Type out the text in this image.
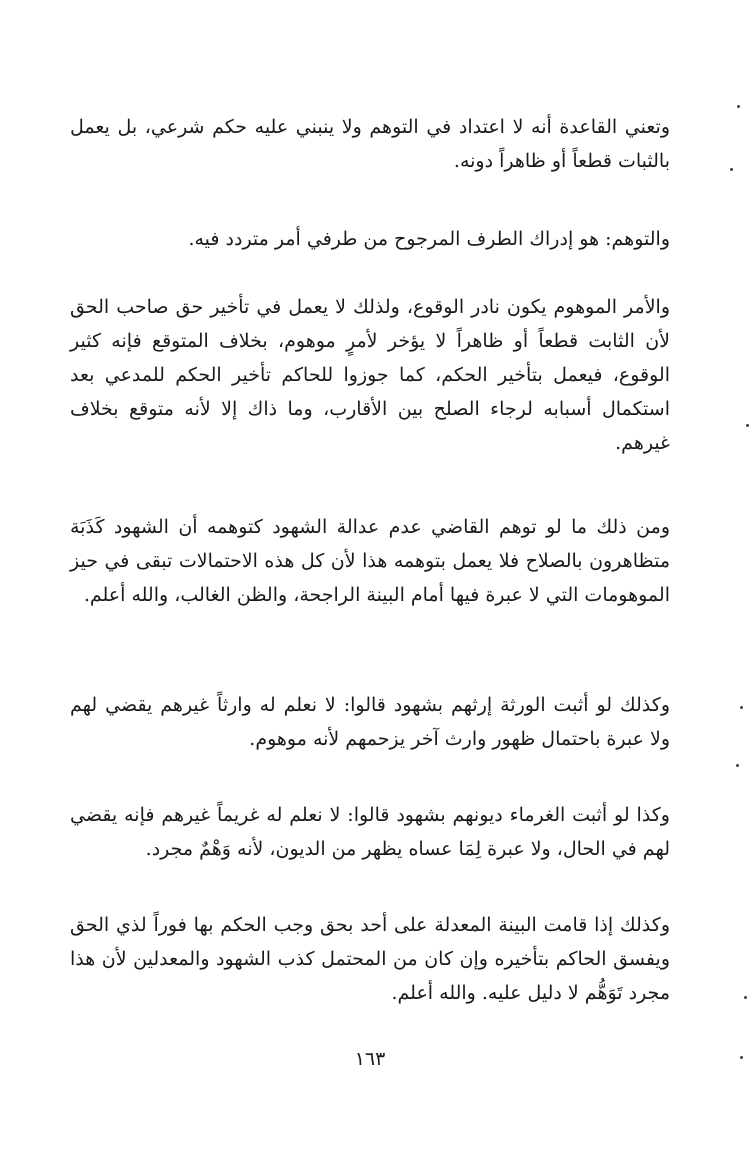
وتعني القاعدة أنه لا اعتداد في التوهم ولا ينبني عليه حكم شرعي، بل يعمل بالثبات قطعاً أو ظاهراً دونه.

والتوهم: هو إدراك الطرف المرجوح من طرفي أمر متردد فيه.

والأمر الموهوم يكون نادر الوقوع، ولذلك لا يعمل في تأخير حق صاحب الحق لأن الثابت قطعاً أو ظاهراً لا يؤخر لأمرٍ موهوم، بخلاف المتوقع فإنه كثير الوقوع، فيعمل بتأخير الحكم، كما جوزوا للحاكم تأخير الحكم للمدعي بعد استكمال أسبابه لرجاء الصلح بين الأقارب، وما ذاك إلا لأنه متوقع بخلاف غيرهم.

ومن ذلك ما لو توهم القاضي عدم عدالة الشهود كتوهمه أن الشهود كَذَبَة متظاهرون بالصلاح فلا يعمل بتوهمه هذا لأن كل هذه الاحتمالات تبقى في حيز الموهومات التي لا عبرة فيها أمام البينة الراجحة، والظن الغالب، والله أعلم.

وكذلك لو أثبت الورثة إرثهم بشهود قالوا: لا نعلم له وارثاً غيرهم يقضي لهم ولا عبرة باحتمال ظهور وارث آخر يزحمهم لأنه موهوم.

وكذا لو أثبت الغرماء ديونهم بشهود قالوا: لا نعلم له غريماً غيرهم فإنه يقضي لهم في الحال، ولا عبرة لِمَا عساه يظهر من الديون، لأنه وَهْمٌ مجرد.

وكذلك إذا قامت البينة المعدلة على أحد بحق وجب الحكم بها فوراً لذي الحق ويفسق الحاكم بتأخيره وإن كان من المحتمل كذب الشهود والمعدلين لأن هذا مجرد تَوَهُّم لا دليل عليه. والله أعلم.

١٦٣
